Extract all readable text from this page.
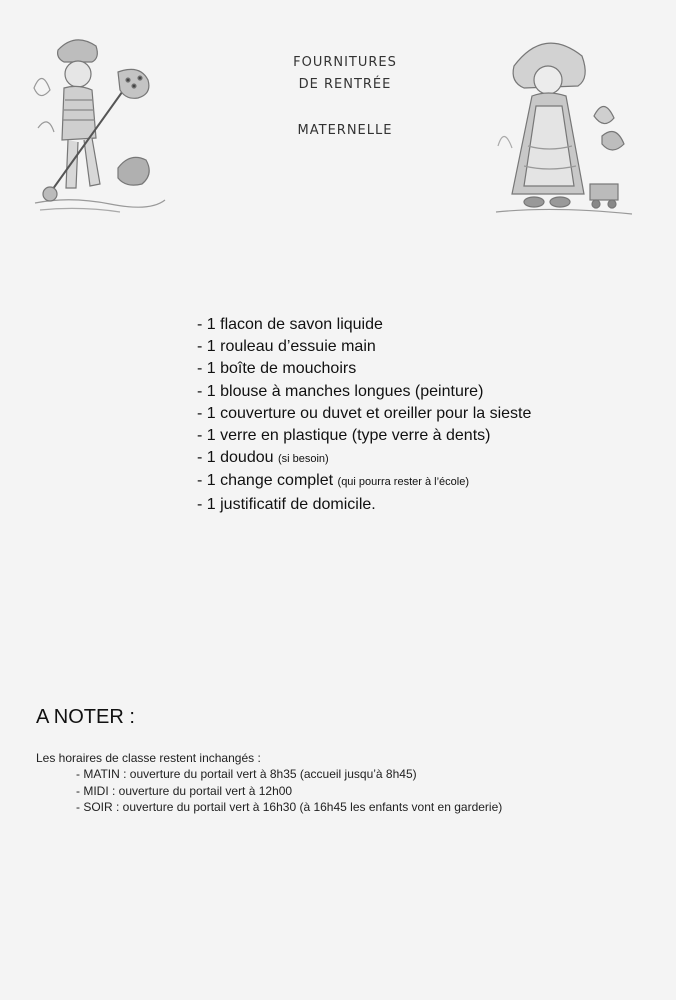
FOURNITURES
DE RENTRÉE
MATERNELLE
- 1 flacon de savon liquide
- 1 rouleau d’essuie main
- 1 boîte de mouchoirs
- 1 blouse à manches longues (peinture)
- 1 couverture ou duvet et oreiller pour la sieste
- 1 verre en plastique (type verre à dents)
- 1 doudou (si besoin)
- 1 change complet (qui pourra rester à l’école)
- 1 justificatif de domicile.
A NOTER :
Les horaires de classe restent inchangés :
- MATIN : ouverture du portail vert à 8h35 (accueil jusqu’à 8h45)
- MIDI : ouverture du portail vert à 12h00
- SOIR : ouverture du portail vert à 16h30 (à 16h45 les enfants vont en garderie)
